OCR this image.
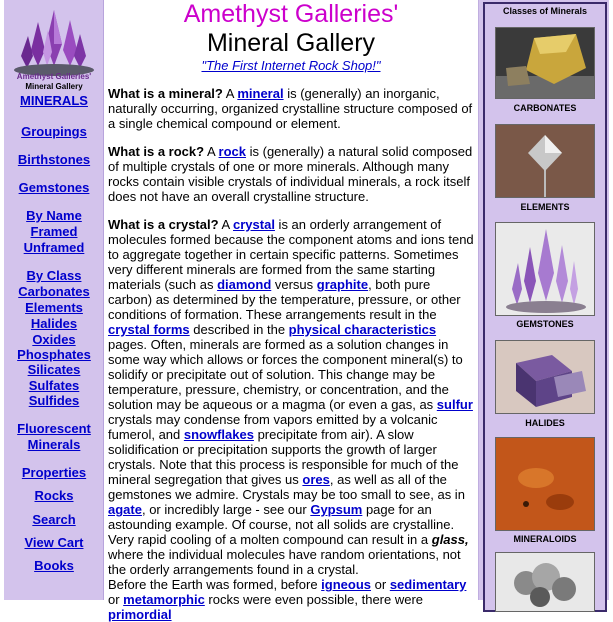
Amethyst Galleries'
Mineral Gallery
MINERALS
Groupings
Birthstones
Gemstones
By Name
Framed
Unframed
By Class
Carbonates
Elements
Halides
Oxides
Phosphates
Silicates
Sulfates
Sulfides
Fluorescent
Minerals
Properties
Rocks
Search
View Cart
Books
Amethyst Galleries'
Mineral Gallery
"The First Internet Rock Shop!"
What is a mineral? A mineral is (generally) an inorganic, naturally occurring, organized crystalline structure composed of a single chemical compound or element.
What is a rock? A rock is (generally) a natural solid composed of multiple crystals of one or more minerals. Although many rocks contain visible crystals of individual minerals, a rock itself does not have an overall crystalline structure.
What is a crystal? A crystal is an orderly arrangement of molecules formed because the component atoms and ions tend to aggregate together in certain specific patterns. Sometimes very different minerals are formed from the same starting materials (such as diamond versus graphite, both pure carbon) as determined by the temperature, pressure, or other conditions of formation. These arrangements result in the crystal forms described in the physical characteristics pages. Often, minerals are formed as a solution changes in some way which allows or forces the component mineral(s) to solidify or precipitate out of solution. This change may be temperature, pressure, chemistry, or concentration, and the solution may be aqueous or a magma (or even a gas, as sulfur crystals may condense from vapors emitted by a volcanic fumerol, and snowflakes precipitate from air). A slow solidification or precipitation supports the growth of larger crystals. Note that this process is responsible for much of the mineral segregation that gives us ores, as well as all of the gemstones we admire. Crystals may be too small to see, as in agate, or incredibly large - see our Gypsum page for an astounding example. Of course, not all solids are crystalline. Very rapid cooling of a molten compound can result in a glass, where the individual molecules have random orientations, not the orderly arrangements found in a crystal.
Before the Earth was formed, before igneous or sedimentary or metamorphic rocks were even possible, there were primordial
Classes of Minerals
CARBONATES
ELEMENTS
GEMSTONES
HALIDES
MINERALOIDS
